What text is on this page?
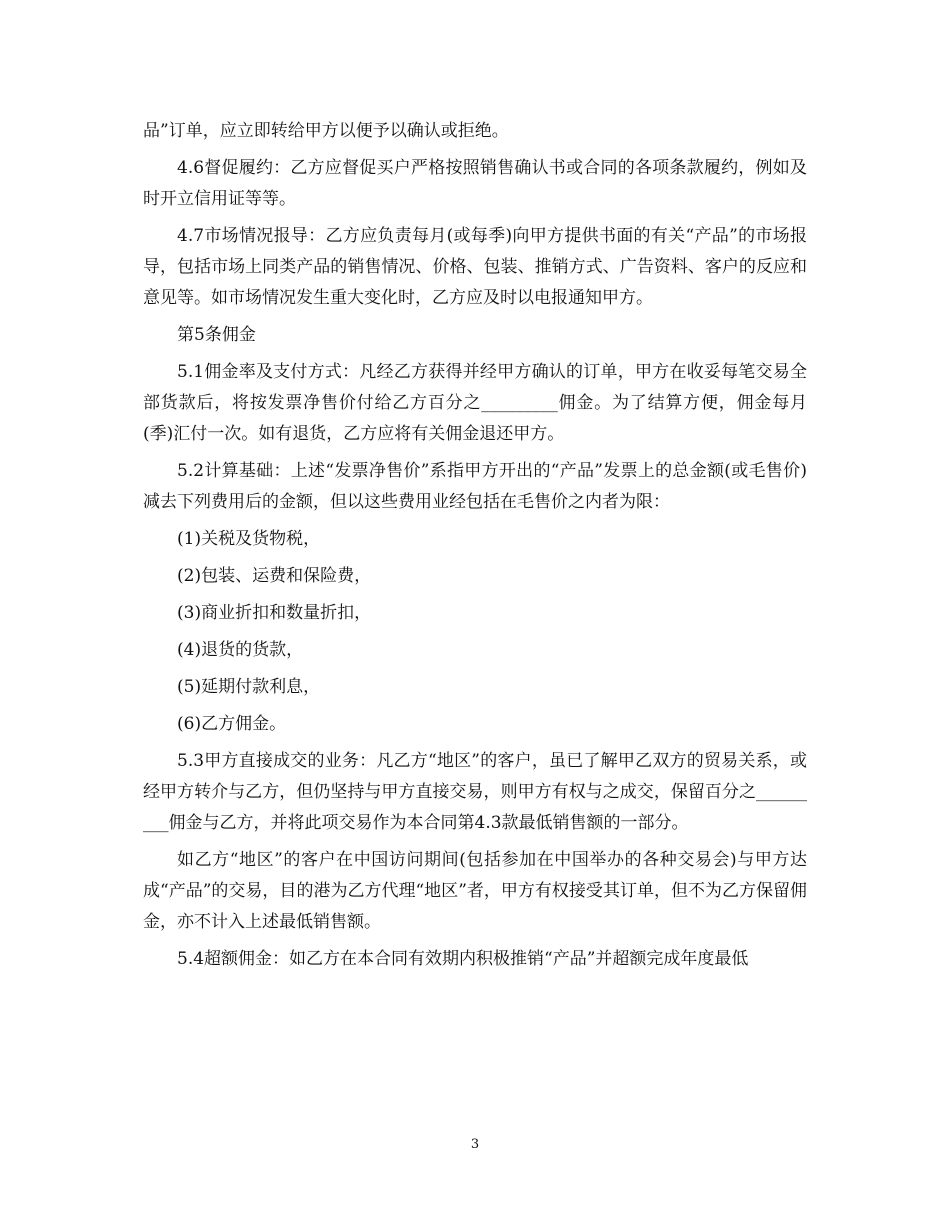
品”订单，应立即转给甲方以便予以确认或拒绝。

4.6督促履约：乙方应督促买户严格按照销售确认书或合同的各项条款履约，例如及时开立信用证等等。

4.7市场情况报导：乙方应负责每月(或每季)向甲方提供书面的有关“产品”的市场报导，包括市场上同类产品的销售情况、价格、包装、推销方式、广告资料、客户的反应和意见等。如市场情况发生重大变化时，乙方应及时以电报通知甲方。

第5条佣金

5.1佣金率及支付方式：凡经乙方获得并经甲方确认的订单，甲方在收妥每笔交易全部货款后，将按发票净售价付给乙方百分之_________佣金。为了结算方便，佣金每月(季)汇付一次。如有退货，乙方应将有关佣金退还甲方。

5.2计算基础：上述“发票净售价”系指甲方开出的“产品”发票上的总金额(或毛售价)减去下列费用后的金额，但以这些费用业经包括在毛售价之内者为限：

(1)关税及货物税，

(2)包装、运费和保险费，

(3)商业折扣和数量折扣，

(4)退货的货款，

(5)延期付款利息，

(6)乙方佣金。

5.3甲方直接成交的业务：凡乙方“地区”的客户，虽已了解甲乙双方的贸易关系，或经甲方转介与乙方，但仍坚持与甲方直接交易，则甲方有权与之成交，保留百分之_________佣金与乙方，并将此项交易作为本合同第4.3款最低销售额的一部分。

如乙方“地区”的客户在中国访问期间(包括参加在中国举办的各种交易会)与甲方达成“产品”的交易，目的港为乙方代理“地区”者，甲方有权接受其订单，但不为乙方保留佣金，亦不计入上述最低销售额。

5.4超额佣金：如乙方在本合同有效期内积极推销“产品”并超额完成年度最低

3
